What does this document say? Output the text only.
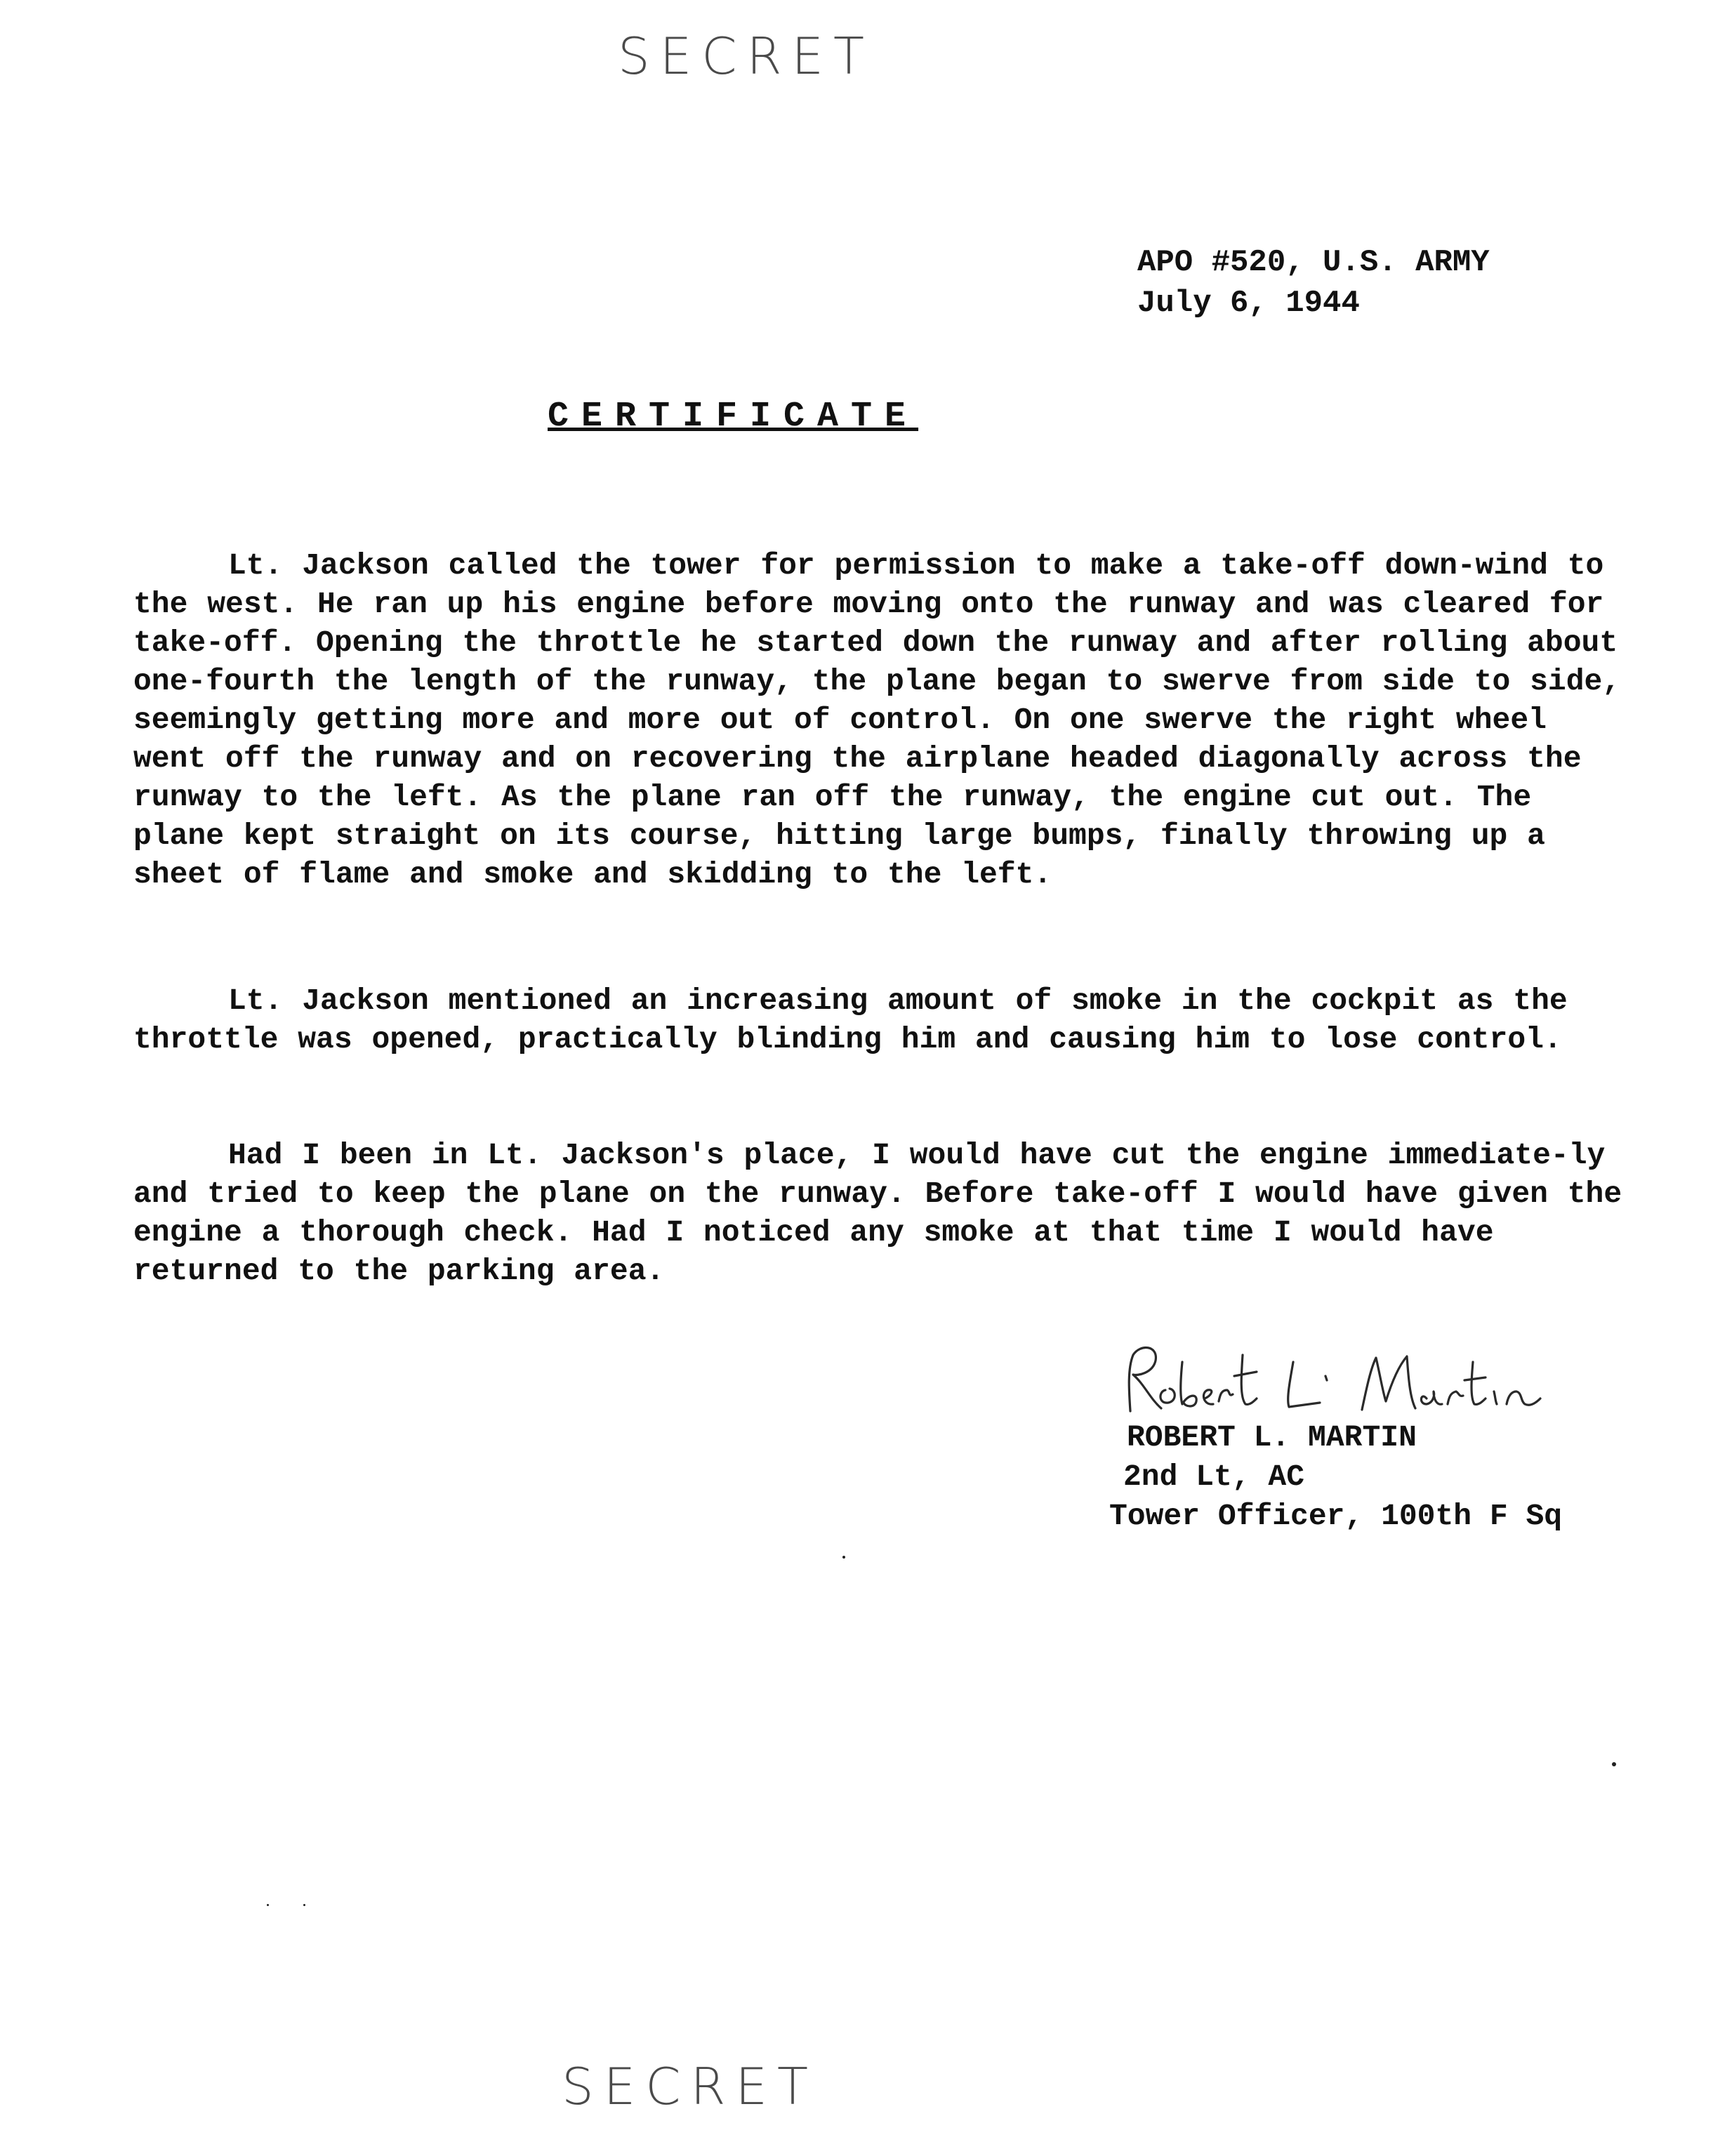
SECRET
APO #520, U.S. ARMY
July 6, 1944
CERTIFICATE

Lt. Jackson called the tower for permission to make a take-off down-wind to the west. He ran up his engine before moving onto the runway and was cleared for take-off. Opening the throttle he started down the runway and after rolling about one-fourth the length of the runway, the plane began to swerve from side to side, seemingly getting more and more out of control. On one swerve the right wheel went off the runway and on recovering the airplane headed diagonally across the runway to the left. As the plane ran off the runway, the engine cut out. The plane kept straight on its course, hitting large bumps, finally throwing up a sheet of flame and smoke and skidding to the left.

Lt. Jackson mentioned an increasing amount of smoke in the cockpit as the throttle was opened, practically blinding him and causing him to lose control.

Had I been in Lt. Jackson's place, I would have cut the engine immediate-ly and tried to keep the plane on the runway. Before take-off I would have given the engine a thorough check. Had I noticed any smoke at that time I would have returned to the parking area.

ROBERT L. MARTIN
2nd Lt, AC
Tower Officer, 100th F Sq
SECRET
